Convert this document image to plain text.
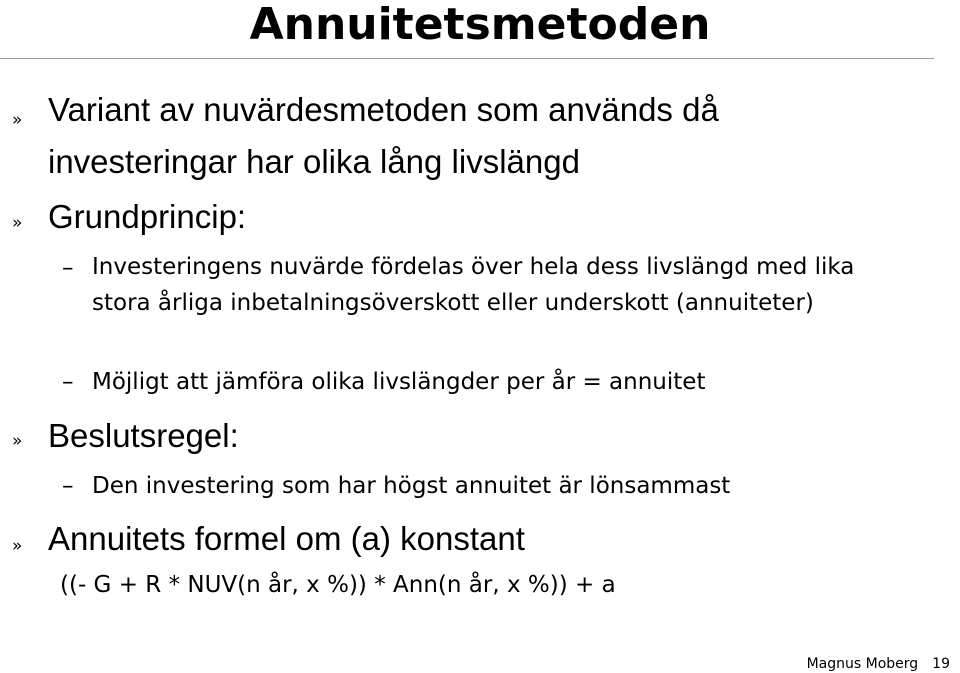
Annuitetsmetoden
» Variant av nuvärdesmetoden som används då investeringar har olika lång livslängd
» Grundprincip:
– Investeringens nuvärde fördelas över hela dess livslängd med lika stora årliga inbetalningsöverskott eller underskott (annuiteter)
– Möjligt att jämföra olika livslängder per år = annuitet
» Beslutsregel:
– Den investering som har högst annuitet är lönsammast
» Annuitets formel om (a) konstant
((- G + R * NUV(n år, x %)) * Ann(n år, x %)) + a
Magnus Moberg 19
